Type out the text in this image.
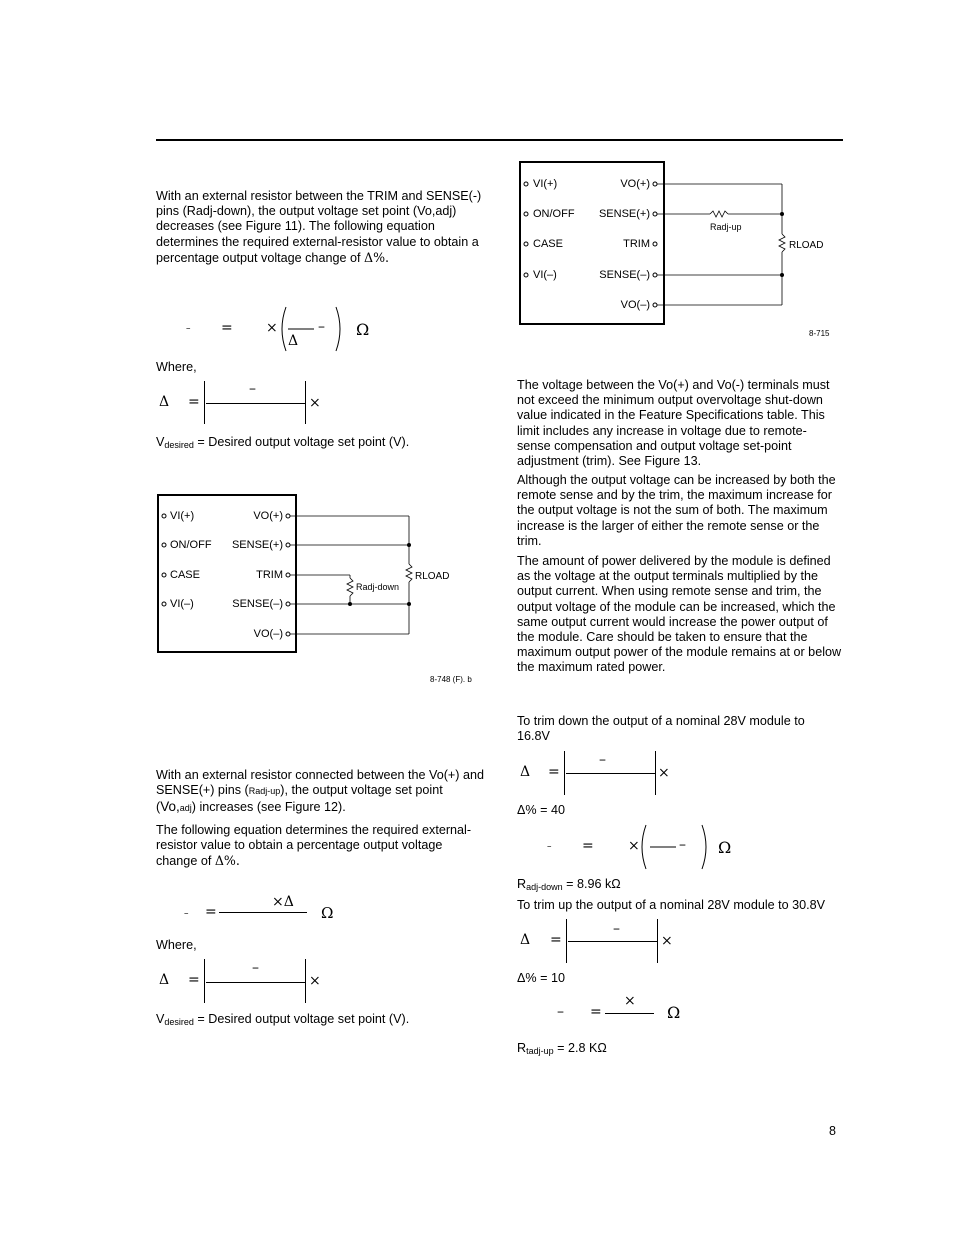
With an external resistor between the TRIM and SENSE(-) pins (Radj-down), the output voltage set point (Vo,adj) decreases (see Figure 11). The following equation determines the required external-resistor value to obtain a percentage output voltage change of Δ%.
– = ×	–
Δ
Ω
Where,
Δ =
–
×
$V_{desired}$ = Desired output voltage set point (V).
VI(+)
ON/OFF
CASE
VI(–)
VO(+)
SENSE(+)
TRIM
SENSE(–)
VO(–)
Radj-down
RLOAD
8-748 (F). b
With an external resistor connected between the Vo(+) and SENSE(+) pins (Radj-up), the output voltage set point (Vo,adj) increases (see Figure 12).
The following equation determines the required external-resistor value to obtain a percentage output voltage change of Δ%.
– =
×Δ
Ω
Where,
Δ =
–
×
$V_{desired}$ = Desired output voltage set point (V).
VI(+)
ON/OFF
CASE
VI(–)
VO(+)
SENSE(+)
TRIM
SENSE(–)
VO(–)
Radj-up
RLOAD
8-715
The voltage between the Vo(+) and Vo(-) terminals must not exceed the minimum output overvoltage shut-down value indicated in the Feature Specifications table. This limit includes any increase in voltage due to remote- sense compensation and output voltage set-point adjustment (trim). See Figure 13.
Although the output voltage can be increased by both the remote sense and by the trim, the maximum increase for the output voltage is not the sum of both. The maximum increase is the larger of either the remote sense or the trim.
The amount of power delivered by the module is defined as the voltage at the output terminals multiplied by the output current. When using remote sense and trim, the output voltage of the module can be increased, which the same output current would increase the power output of the module. Care should be taken to ensure that the maximum output power of the module remains at or below the maximum rated power.
To trim down the output of a nominal 28V module to 16.8V
Δ =
–
×
Δ% = 40
– = ×	– Ω
$R_{adj-down} = 8.96$ kΩ
To trim up the output of a nominal 28V module to 30.8V
Δ =
–
×
Δ% = 10
– =
×
Ω
$R_{tadj-up} = 2.8$ KΩ
8
